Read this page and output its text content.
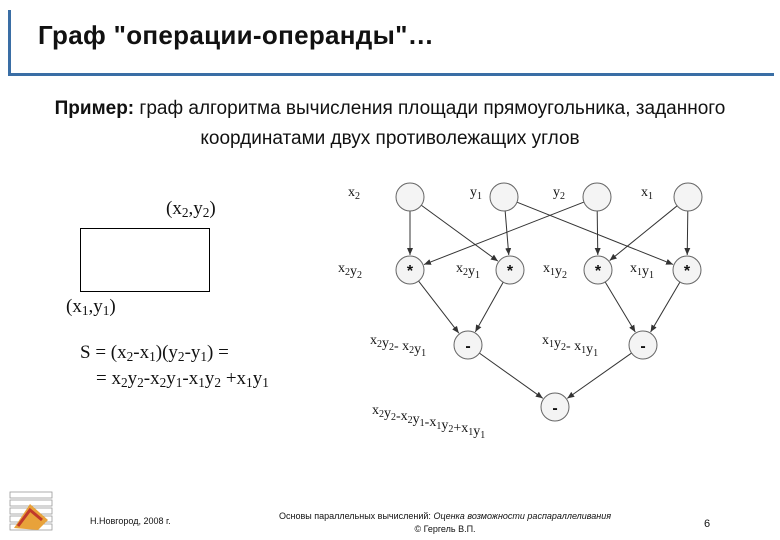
Граф "операции-операнды"…
Пример: граф алгоритма вычисления площади прямоугольника, заданного координатами двух противолежащих углов
$(x_2,y_2)$
$(x_1,y_1)$
$S = (x_2-x_1)(y_2-y_1)$ =
= $x_2y_2-x_2y_1-x_1y_2 +x_1y_1$
*	*	*	*
-	-
-
$x_2$	$y_1$	$y_2$	$x_1$
$x_2y_2$	$x_2y_1$	$x_1y_2$	$x_1y_1$
$x_2y_2-$ $x_2y_1$
$x_1y_2-$ $x_1y_1$
$x_2y_2-x_2y_1-x_1y_2+x_1y_1$
Н.Новгород, 2008 г.	Основы параллельных вычислений: Оценка возможности распараллеливания
© Гергель В.П.	6
